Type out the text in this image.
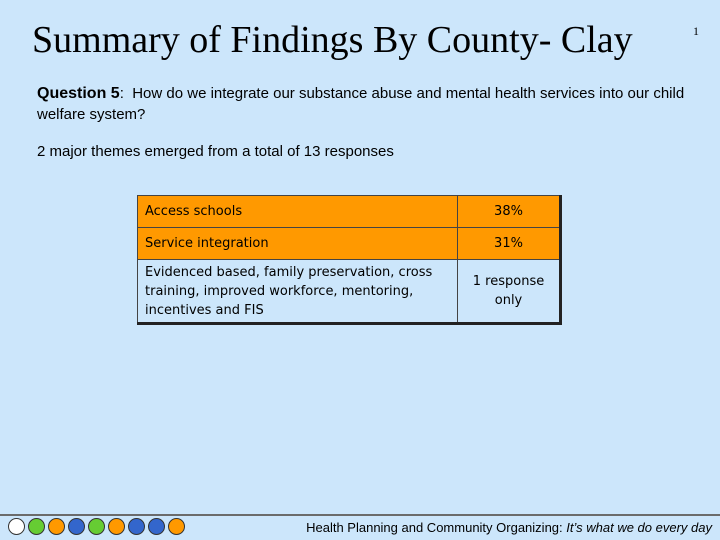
Summary of Findings By County- Clay	1
Question 5: How do we integrate our substance abuse and mental health services into our child welfare system?
2 major themes emerged from a total of 13 responses
Access schools	38%
Service integration	31%
Evidenced based, family preservation, cross training, improved workforce, mentoring, incentives and FIS	1 response only
Health Planning and Community Organizing: It’s what we do every day
